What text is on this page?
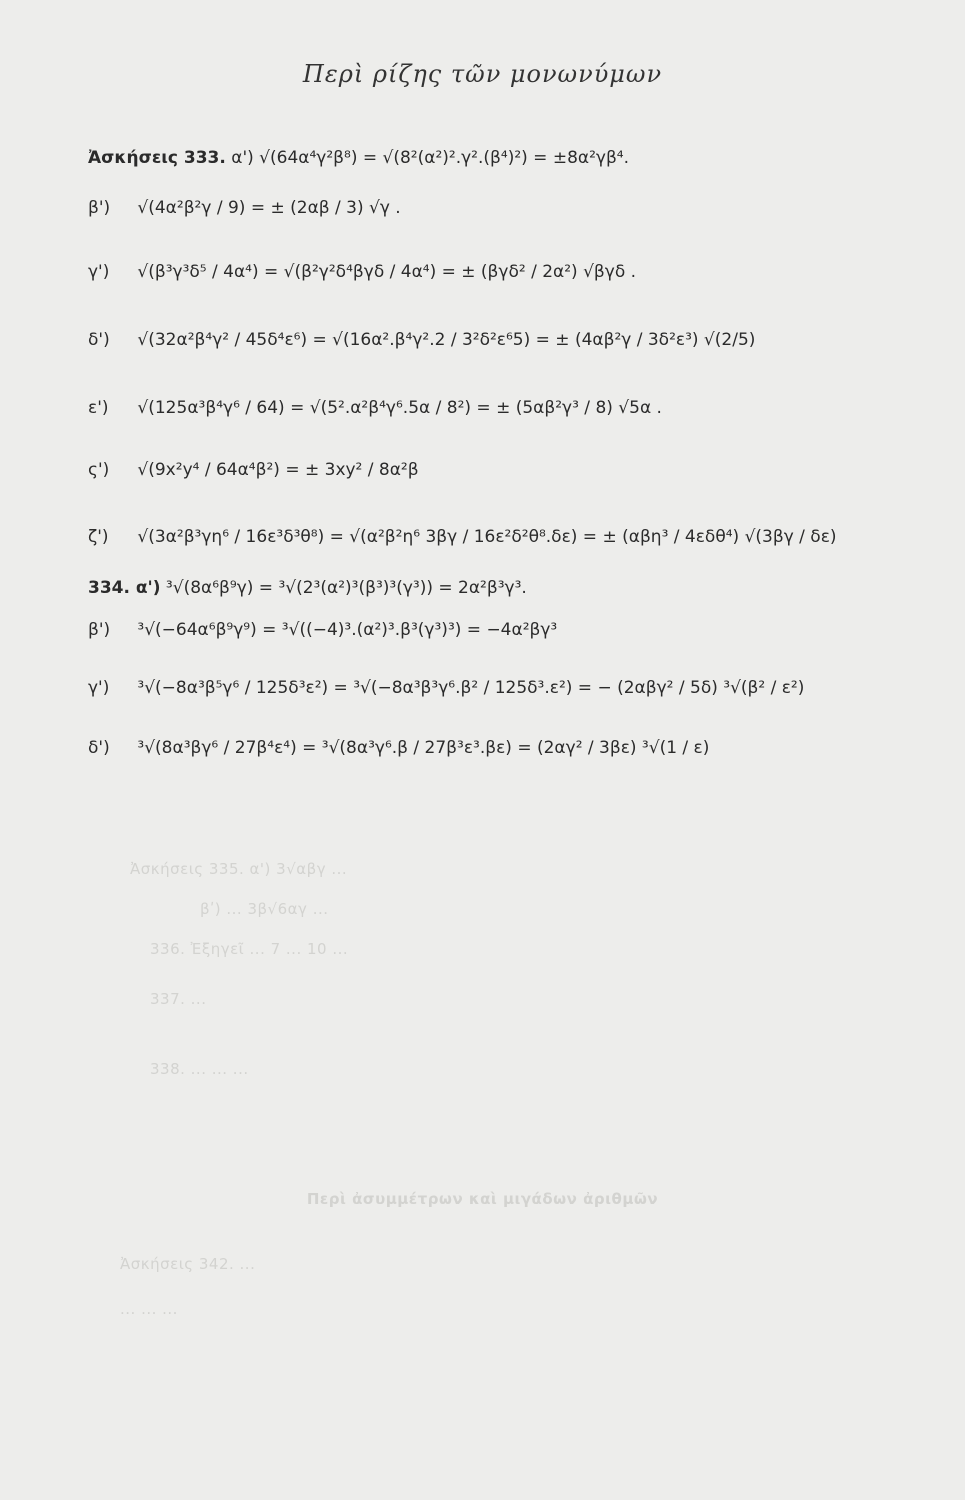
Περὶ ρίζης τῶν μονωνύμων
Ἀσκήσεις 333. α') √(64α⁴γ²β⁸) = √(8²(α²)².γ².(β⁴)²) = ±8α²γβ⁴.
β') √(4α²β²γ / 9) = ± (2αβ / 3) √γ .
γ') √(β³γ³δ⁵ / 4α⁴) = √(β²γ²δ⁴βγδ / 4α⁴) = ± (βγδ² / 2α²) √βγδ .
δ') √(32α²β⁴γ² / 45δ⁴ε⁶) = √(16α².β⁴γ².2 / 3²δ²ε⁶5) = ± (4αβ²γ / 3δ²ε³) √(2/5)
ε') √(125α³β⁴γ⁶ / 64) = √(5².α²β⁴γ⁶.5α / 8²) = ± (5αβ²γ³ / 8) √5α .
ς') √(9x²y⁴ / 64α⁴β²) = ± 3xy² / 8α²β
ζ') √(3α²β³γη⁶ / 16ε³δ³θ⁸) = √(α²β²η⁶ 3βγ / 16ε²δ²θ⁸.δε) = ± (αβη³ / 4εδθ⁴) √(3βγ / δε)
334. α') ³√(8α⁶β⁹γ) = ³√(2³(α²)³(β³)³(γ³)) = 2α²β³γ³.
β') ³√(−64α⁶β⁹γ⁹) = ³√((−4)³.(α²)³.β³(γ³)³) = −4α²βγ³
γ') ³√(−8α³β⁵γ⁶ / 125δ³ε²) = ³√(−8α³β³γ⁶.β² / 125δ³.ε²) = − (2αβγ² / 5δ) ³√(β² / ε²)
δ') ³√(8α³βγ⁶ / 27β⁴ε⁴) = ³√(8α³γ⁶.β / 27β³ε³.βε) = (2αγ² / 3βε) ³√(1 / ε)
Ἀσκήσεις 335. α') 3√αβγ ...
βʹ) ... 3β√6αγ ...
336. Ἐξηγεῖ ... 7 ... 10 ...
337. ...
338. ... ... ...
Περὶ ἀσυμμέτρων καὶ μιγάδων ἀριθμῶν
Ἀσκήσεις 342. ...
... ... ...
